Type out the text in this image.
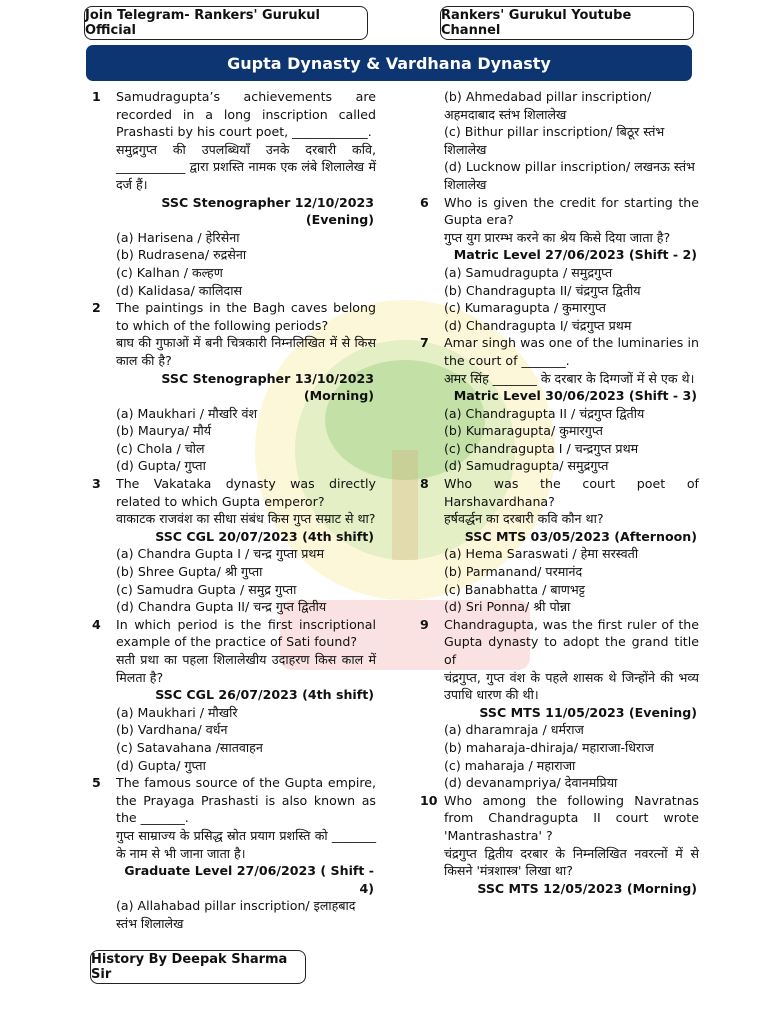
Join Telegram- Rankers' Gurukul Official
Rankers' Gurukul Youtube Channel
Gupta Dynasty & Vardhana Dynasty
1 Samudragupta’s achievements are recorded in a long inscription called Prashasti by his court poet, ____________.
समुद्रगुप्त की उपलब्धियाँ उनके दरबारी कवि, ___________ द्वारा प्रशस्ति नामक एक लंबे शिलालेख में दर्ज हैं।
SSC Stenographer 12/10/2023 (Evening)
(a) Harisena / हेरिसेना
(b) Rudrasena/ रुद्रसेना
(c) Kalhan / कल्हण
(d) Kalidasa/ कालिदास
2 The paintings in the Bagh caves belong to which of the following periods?
बाघ की गुफाओं में बनी चित्रकारी निम्नलिखित में से किस काल की है?
SSC Stenographer 13/10/2023 (Morning)
(a) Maukhari / मौखरि वंश
(b) Maurya/ मौर्य
(c) Chola / चोल
(d) Gupta/ गुप्ता
3 The Vakataka dynasty was directly related to which Gupta emperor?
वाकाटक राजवंश का सीधा संबंध किस गुप्त सम्राट से था?
SSC CGL 20/07/2023 (4th shift)
(a) Chandra Gupta I / चन्द्र गुप्ता प्रथम
(b) Shree Gupta/ श्री गुप्ता
(c) Samudra Gupta / समुद्र गुप्ता
(d) Chandra Gupta II/ चन्द्र गुप्त द्वितीय
4 In which period is the first inscriptional example of the practice of Sati found?
सती प्रथा का पहला शिलालेखीय उदाहरण किस काल में मिलता है?
SSC CGL 26/07/2023 (4th shift)
(a) Maukhari / मौखरि
(b) Vardhana/ वर्धन
(c) Satavahana /सातवाहन
(d) Gupta/ गुप्ता
5 The famous source of the Gupta empire, the Prayaga Prashasti is also known as the _______.
गुप्त साम्राज्य के प्रसिद्ध स्रोत प्रयाग प्रशस्ति को _______ के नाम से भी जाना जाता है।
Graduate Level 27/06/2023 ( Shift - 4)
(a) Allahabad pillar inscription/ इलाहबाद स्तंभ शिलालेख
(b) Ahmedabad pillar inscription/अहमदाबाद स्तंभ शिलालेख
(c) Bithur pillar inscription/ बिठूर स्तंभ शिलालेख
(d) Lucknow pillar inscription/ लखनऊ स्तंभ शिलालेख
6 Who is given the credit for starting the Gupta era?
गुप्त युग प्रारम्भ करने का श्रेय किसे दिया जाता है?
Matric Level 27/06/2023 (Shift - 2)
(a) Samudragupta / समुद्रगुप्त
(b) Chandragupta II/ चंद्रगुप्त द्वितीय
(c) Kumaragupta / कुमारगुप्त
(d) Chandragupta I/ चंद्रगुप्त प्रथम
7 Amar singh was one of the luminaries in the court of _______.
अमर सिंह _______ के दरबार के दिग्गजों में से एक थे।
Matric Level 30/06/2023 (Shift - 3)
(a) Chandragupta II / चंद्रगुप्त द्वितीय
(b) Kumaragupta/ कुमारगुप्त
(c) Chandragupta I / चन्द्रगुप्त प्रथम
(d) Samudragupta/ समुद्रगुप्त
8 Who was the court poet of Harshavardhana?
हर्षवर्द्धन का दरबारी कवि कौन था?
SSC MTS 03/05/2023 (Afternoon)
(a) Hema Saraswati / हेमा सरस्वती
(b) Parmanand/ परमानंद
(c) Banabhatta / बाणभट्ट
(d) Sri Ponna/ श्री पोन्ना
9 Chandragupta, was the first ruler of the Gupta dynasty to adopt the grand title of
चंद्रगुप्त, गुप्त वंश के पहले शासक थे जिन्होंने की भव्य उपाधि धारण की थी।
SSC MTS 11/05/2023 (Evening)
(a) dharamraja / धर्मराज
(b) maharaja-dhiraja/ महाराजा-धिराज
(c) maharaja / महाराजा
(d) devanampriya/ देवानमप्रिया
10 Who among the following Navratnas from Chandragupta II court wrote 'Mantrashastra' ?
चंद्रगुप्त द्वितीय दरबार के निम्नलिखित नवरत्नों में से किसने 'मंत्रशास्त्र' लिखा था?
SSC MTS 12/05/2023 (Morning)
History By Deepak Sharma Sir
